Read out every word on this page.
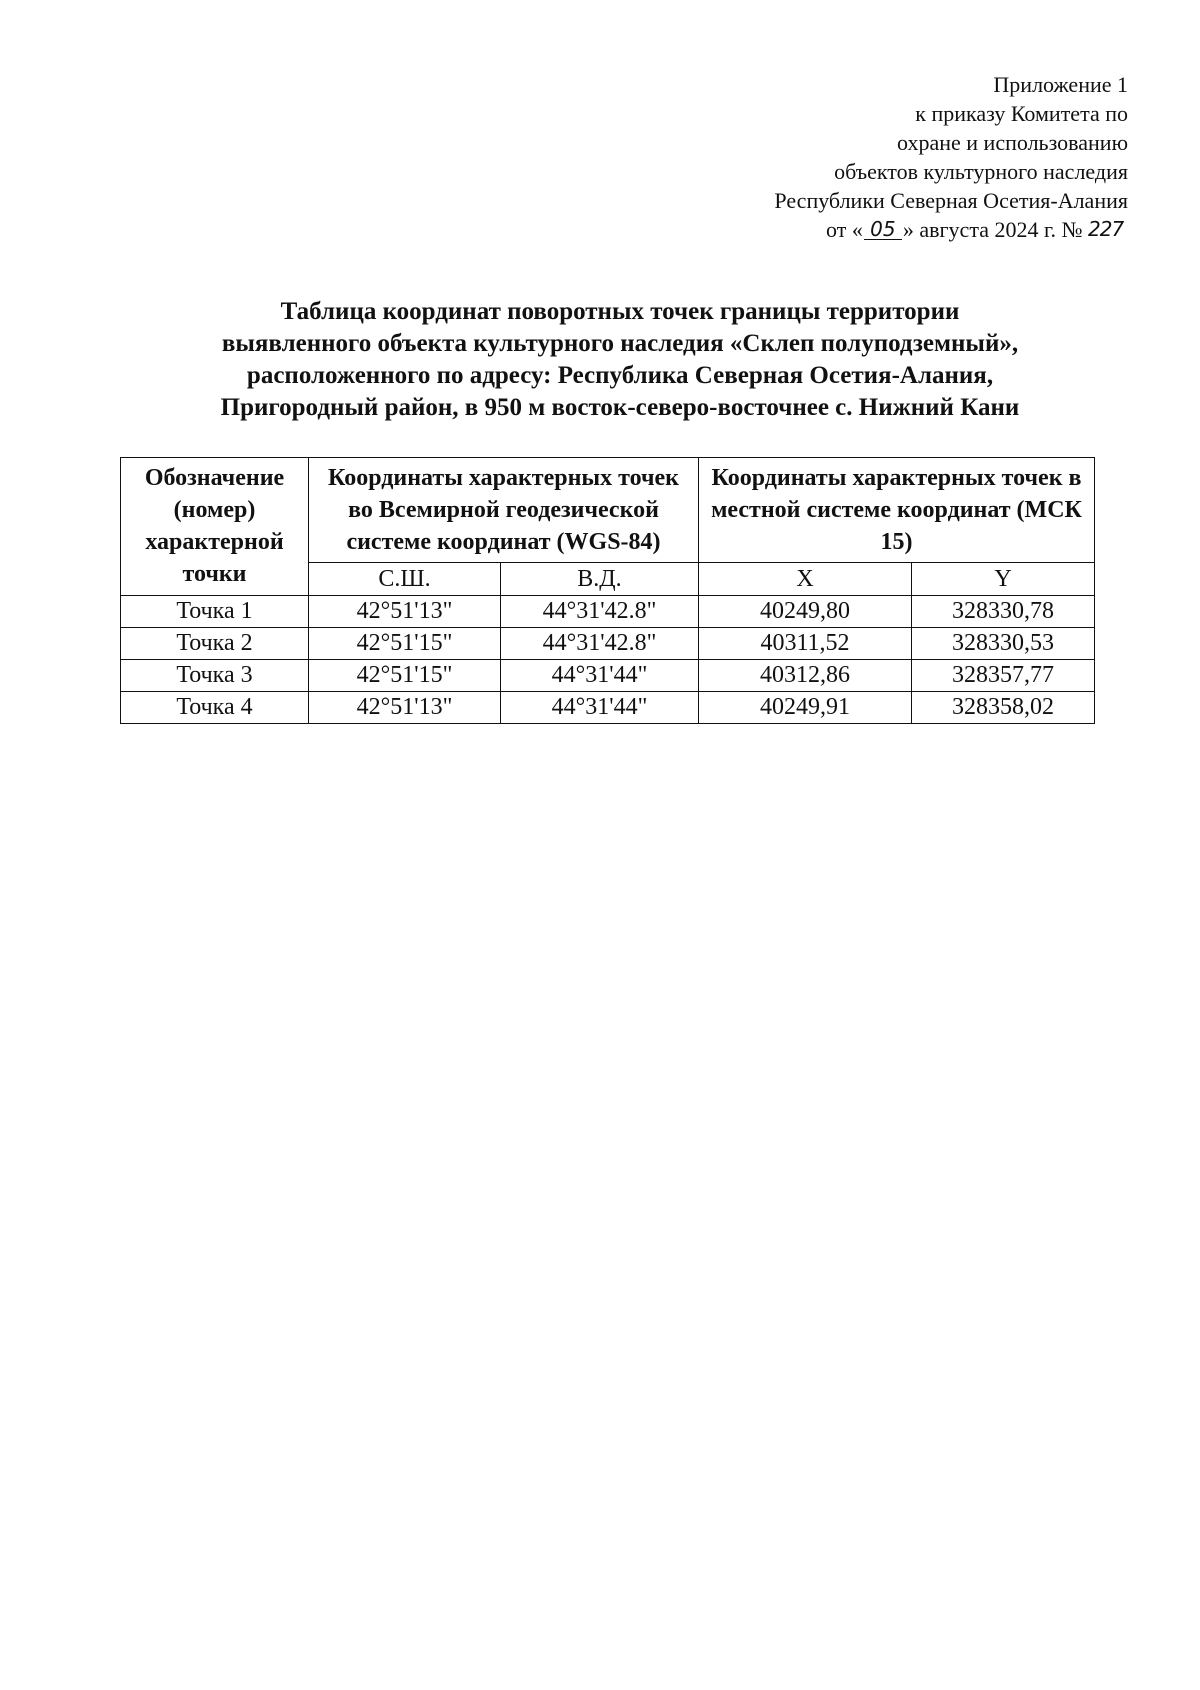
Приложение 1
к приказу Комитета по
охране и использованию
объектов культурного наследия
Республики Северная Осетия-Алания
от « 05 » августа 2024 г. № 227
Таблица координат поворотных точек границы территории
выявленного объекта культурного наследия «Склеп полуподземный»,
расположенного по адресу: Республика Северная Осетия-Алания,
Пригородный район, в 950 м восток-северо-восточнее с. Нижний Кани
Обозначение (номер) характерной точки	Координаты характерных точек во Всемирной геодезической системе координат (WGS-84)		Координаты характерных точек в местной системе координат (МСК 15)	
	С.Ш.	В.Д.	X	Y
Точка 1	42°51'13"	44°31'42.8"	40249,80	328330,78
Точка 2	42°51'15"	44°31'42.8"	40311,52	328330,53
Точка 3	42°51'15"	44°31'44"	40312,86	328357,77
Точка 4	42°51'13"	44°31'44"	40249,91	328358,02
